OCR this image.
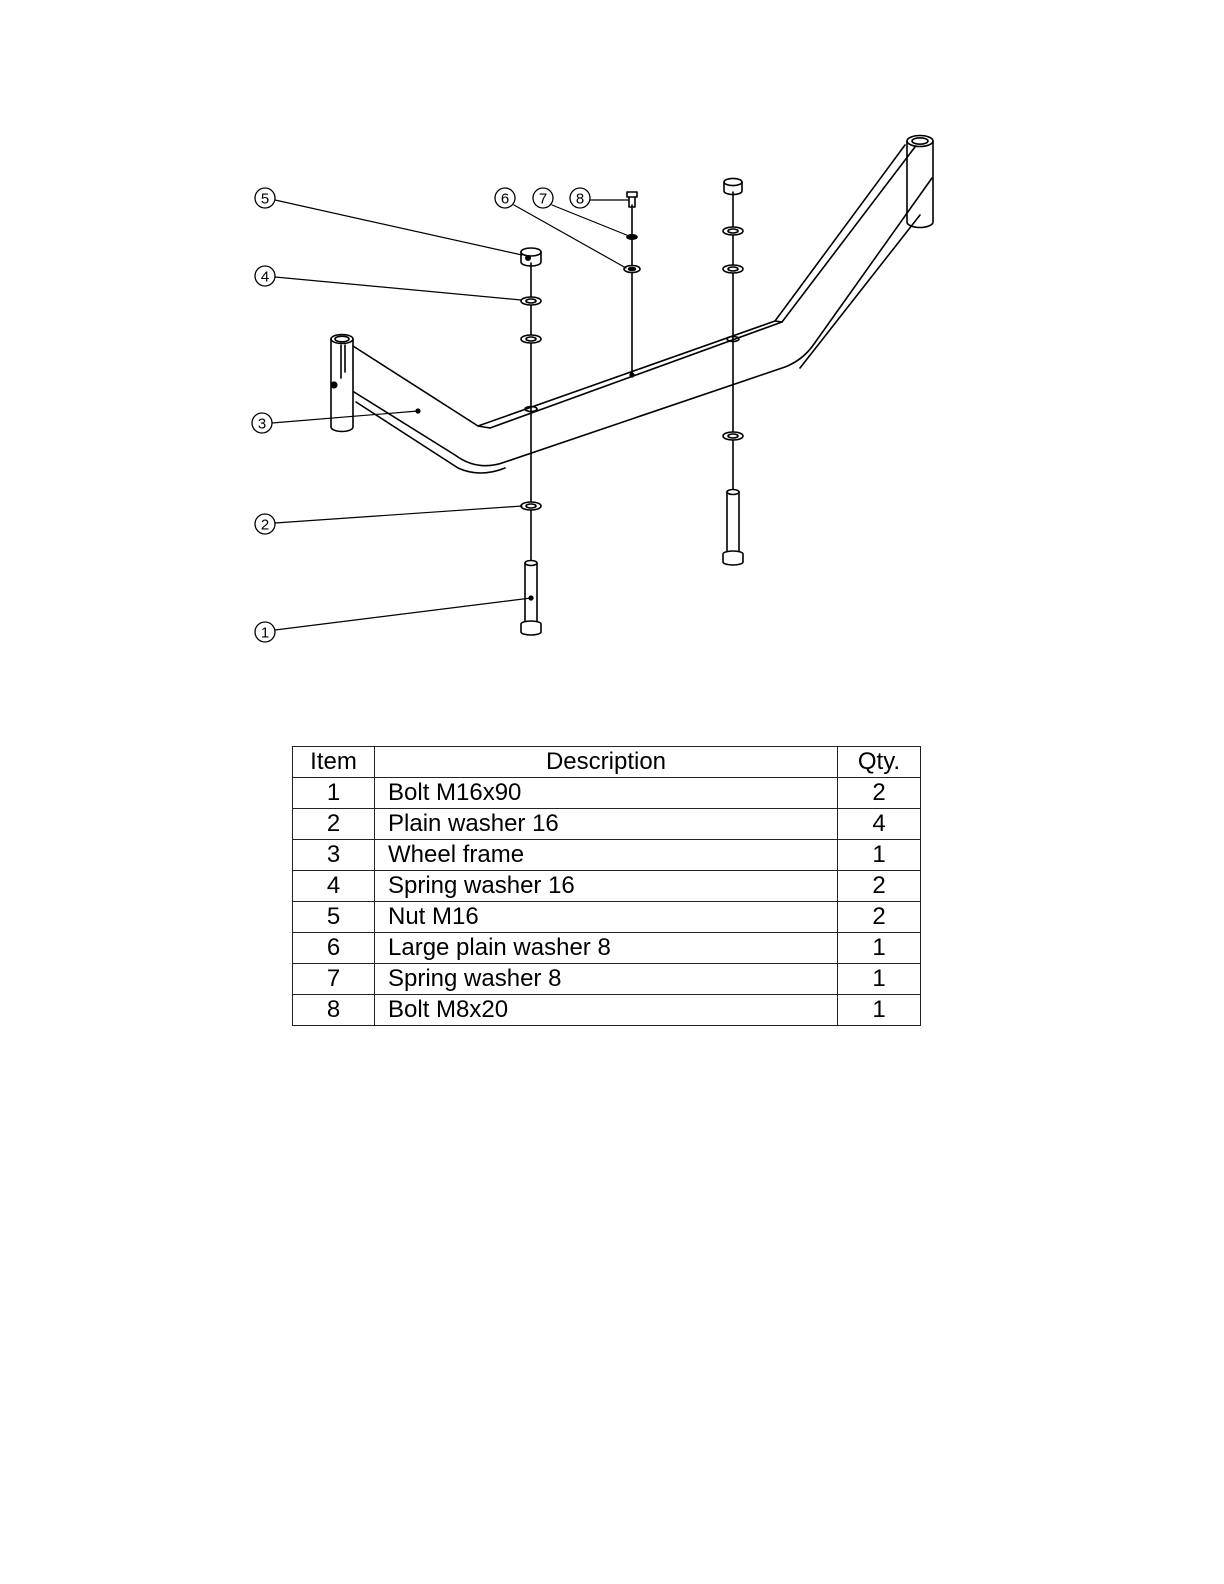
5
4
3
2
1
6 7 8
Item	Description	Qty.
1	Bolt M16x90	2
2	Plain washer 16	4
3	Wheel frame	1
4	Spring washer 16	2
5	Nut M16	2
6	Large plain washer 8	1
7	Spring washer 8	1
8	Bolt M8x20	1
